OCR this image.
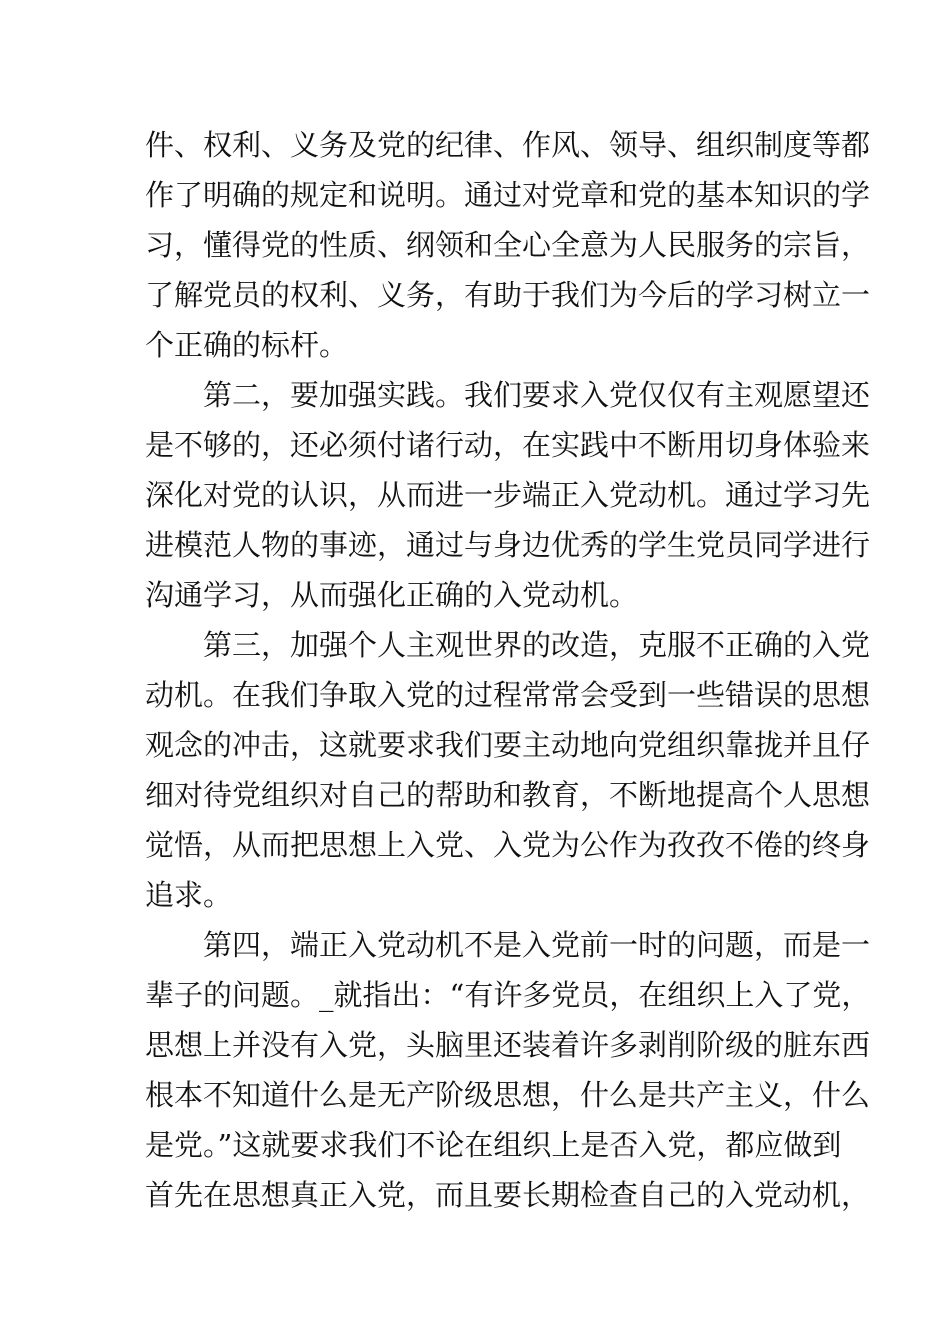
件、权利、义务及党的纪律、作风、领导、组织制度等都
作了明确的规定和说明。通过对党章和党的基本知识的学
习，懂得党的性质、纲领和全心全意为人民服务的宗旨，
了解党员的权利、义务，有助于我们为今后的学习树立一
个正确的标杆。
第二，要加强实践。我们要求入党仅仅有主观愿望还
是不够的，还必须付诸行动，在实践中不断用切身体验来
深化对党的认识，从而进一步端正入党动机。通过学习先
进模范人物的事迹，通过与身边优秀的学生党员同学进行
沟通学习，从而强化正确的入党动机。
第三，加强个人主观世界的改造，克服不正确的入党
动机。在我们争取入党的过程常常会受到一些错误的思想
观念的冲击，这就要求我们要主动地向党组织靠拢并且仔
细对待党组织对自己的帮助和教育，不断地提高个人思想
觉悟，从而把思想上入党、入党为公作为孜孜不倦的终身
追求。
第四，端正入党动机不是入党前一时的问题，而是一
辈子的问题。_就指出：“有许多党员，在组织上入了党，
思想上并没有入党，头脑里还装着许多剥削阶级的脏东西
根本不知道什么是无产阶级思想，什么是共产主义，什么
是党。”这就要求我们不论在组织上是否入党，都应做到
首先在思想真正入党，而且要长期检查自己的入党动机，
